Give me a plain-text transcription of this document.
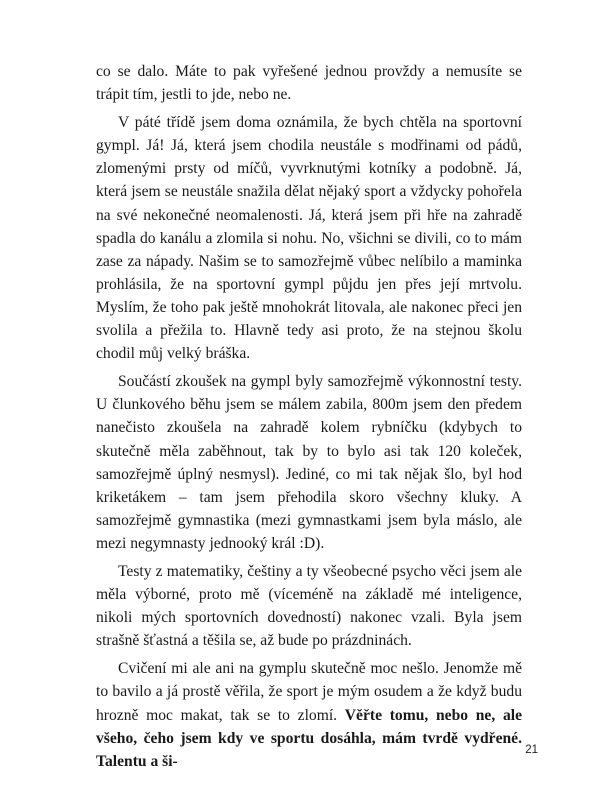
co se dalo. Máte to pak vyřešené jednou provždy a nemusíte se trápit tím, jestli to jde, nebo ne.

V páté třídě jsem doma oznámila, že bych chtěla na sportovní gympl. Já! Já, která jsem chodila neustále s modřinami od pádů, zlomenými prsty od míčů, vyvrknutými kotníky a podobně. Já, která jsem se neustále snažila dělat nějaký sport a vždycky pohořela na své nekonečné neomalenosti. Já, která jsem při hře na zahradě spadla do kanálu a zlomila si nohu. No, všichni se divili, co to mám zase za nápady. Našim se to samozřejmě vůbec nelíbilo a maminka prohlásila, že na sportovní gympl půjdu jen přes její mrtvolu. Myslím, že toho pak ještě mnohokrát litovala, ale nakonec přeci jen svolila a přežila to. Hlavně tedy asi proto, že na stejnou školu chodil můj velký bráška.

Součástí zkoušek na gympl byly samozřejmě výkonnostní testy. U člunkového běhu jsem se málem zabila, 800m jsem den předem nanečisto zkoušela na zahradě kolem rybníčku (kdybych to skutečně měla zaběhnout, tak by to bylo asi tak 120 koleček, samozřejmě úplný nesmysl). Jediné, co mi tak nějak šlo, byl hod kriketákem – tam jsem přehodila skoro všechny kluky. A samozřejmě gymnastika (mezi gymnastkami jsem byla máslo, ale mezi negymnasty jednooký král :D).

Testy z matematiky, češtiny a ty všeobecné psycho věci jsem ale měla výborné, proto mě (víceméně na základě mé inteligence, nikoli mých sportovních dovedností) nakonec vzali. Byla jsem strašně šťastná a těšila se, až bude po prázdninách.

Cvičení mi ale ani na gymplu skutečně moc nešlo. Jenomže mě to bavilo a já prostě věřila, že sport je mým osudem a že když budu hrozně moc makat, tak se to zlomí. Věřte tomu, nebo ne, ale všeho, čeho jsem kdy ve sportu dosáhla, mám tvrdě vydřené. Talentu a ši-

21
